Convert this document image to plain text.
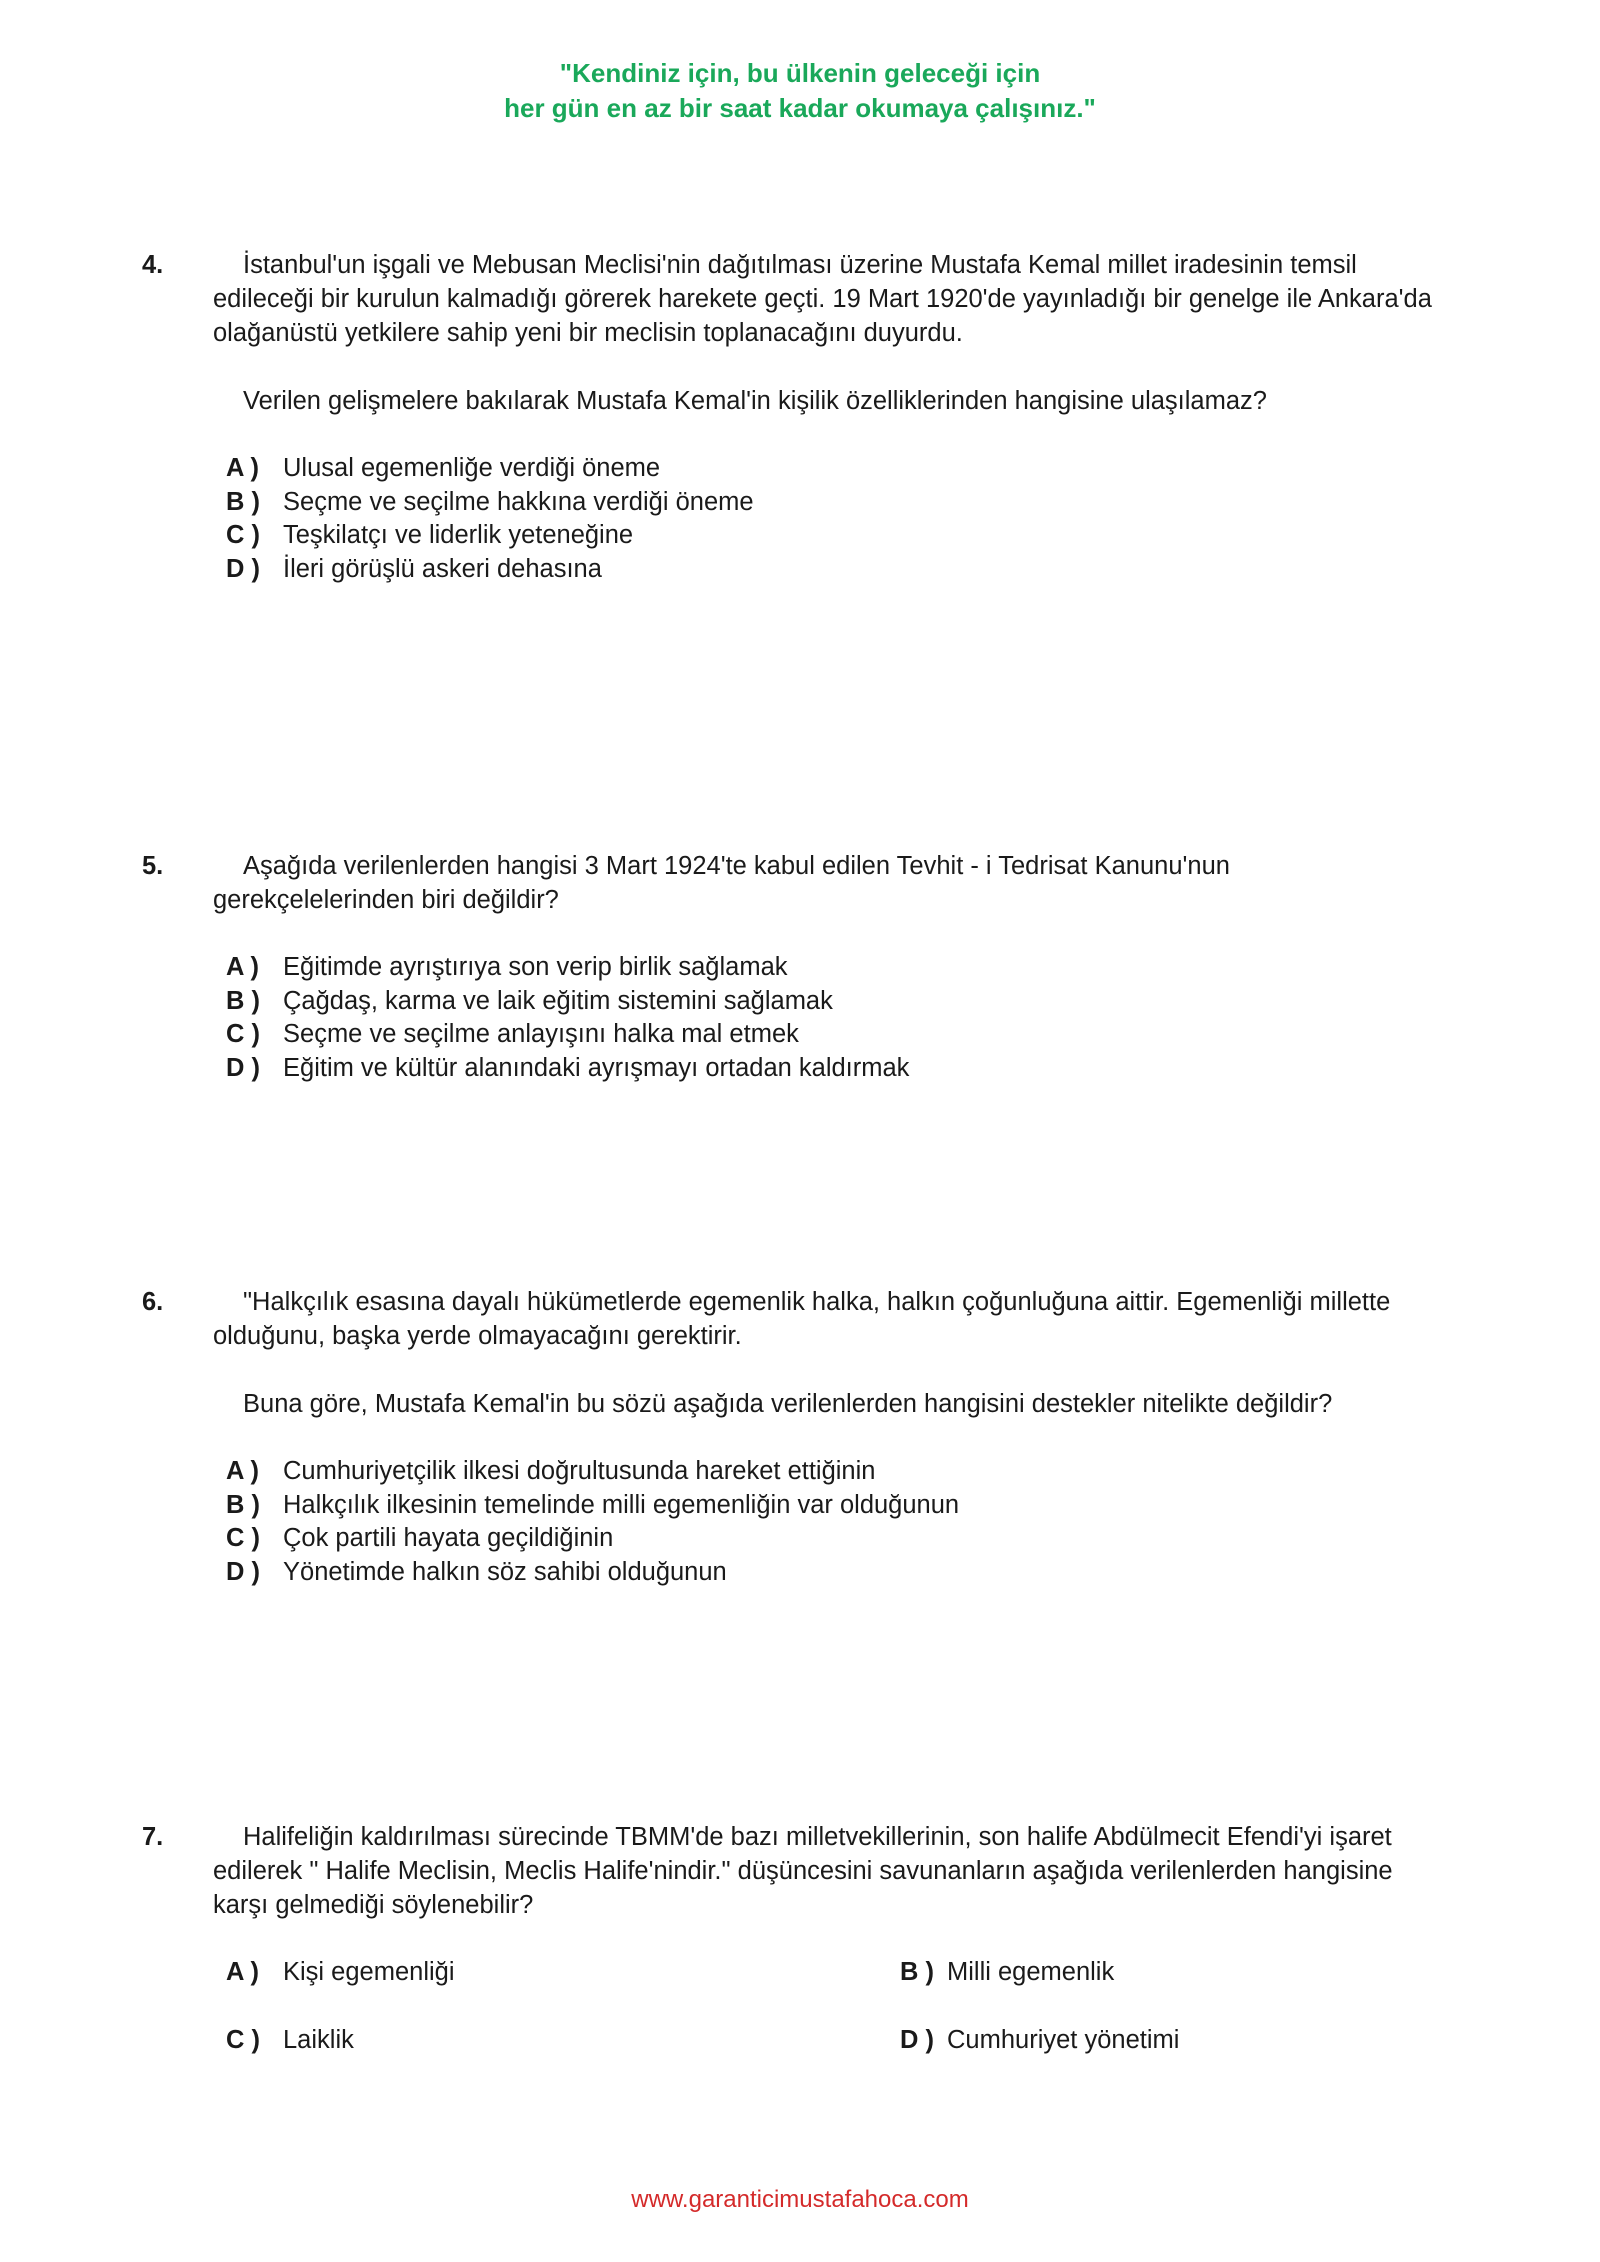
"Kendiniz için, bu ülkenin geleceği için
her gün en az bir saat kadar okumaya çalışınız."
4.	İstanbul'un işgali ve Mebusan Meclisi'nin dağıtılması üzerine Mustafa Kemal millet iradesinin temsil edileceği bir kurulun kalmadığı görerek harekete geçti. 19 Mart 1920'de yayınladığı bir genelge ile Ankara'da olağanüstü yetkilere sahip yeni bir meclisin toplanacağını duyurdu.

Verilen gelişmelere bakılarak Mustafa Kemal'in kişilik özelliklerinden hangisine ulaşılamaz?

A ) Ulusal egemenliğe verdiği öneme
B ) Seçme ve seçilme hakkına verdiği öneme
C ) Teşkilatçı ve liderlik yeteneğine
D ) İleri görüşlü askeri dehasına
5.	Aşağıda verilenlerden hangisi 3 Mart 1924'te kabul edilen Tevhit - i Tedrisat Kanunu'nun gerekçelelerinden biri değildir?

A ) Eğitimde ayrıştırıya son verip birlik sağlamak
B ) Çağdaş, karma ve laik eğitim sistemini sağlamak
C ) Seçme ve seçilme anlayışını halka mal etmek
D ) Eğitim ve kültür alanındaki ayrışmayı ortadan kaldırmak
6.	"Halkçılık esasına dayalı hükümetlerde egemenlik halka, halkın çoğunluğuna aittir. Egemenliği millette olduğunu, başka yerde olmayacağını gerektirir.

Buna göre, Mustafa Kemal'in bu sözü aşağıda verilenlerden hangisini destekler nitelikte değildir?

A ) Cumhuriyetçilik ilkesi doğrultusunda hareket ettiğinin
B ) Halkçılık ilkesinin temelinde milli egemenliğin var olduğunun
C ) Çok partili hayata geçildiğinin
D ) Yönetimde halkın söz sahibi olduğunun
7.	Halifeliğin kaldırılması sürecinde TBMM'de bazı milletvekillerinin, son halife Abdülmecit Efendi'yi işaret edilerek " Halife Meclisin, Meclis Halife'nindir." düşüncesini savunanların aşağıda verilenlerden hangisine karşı gelmediği söylenebilir?

A ) Kişi egemenliği	B ) Milli egemenlik
C ) Laiklik	D ) Cumhuriyet yönetimi
www.garanticimustafahoca.com
